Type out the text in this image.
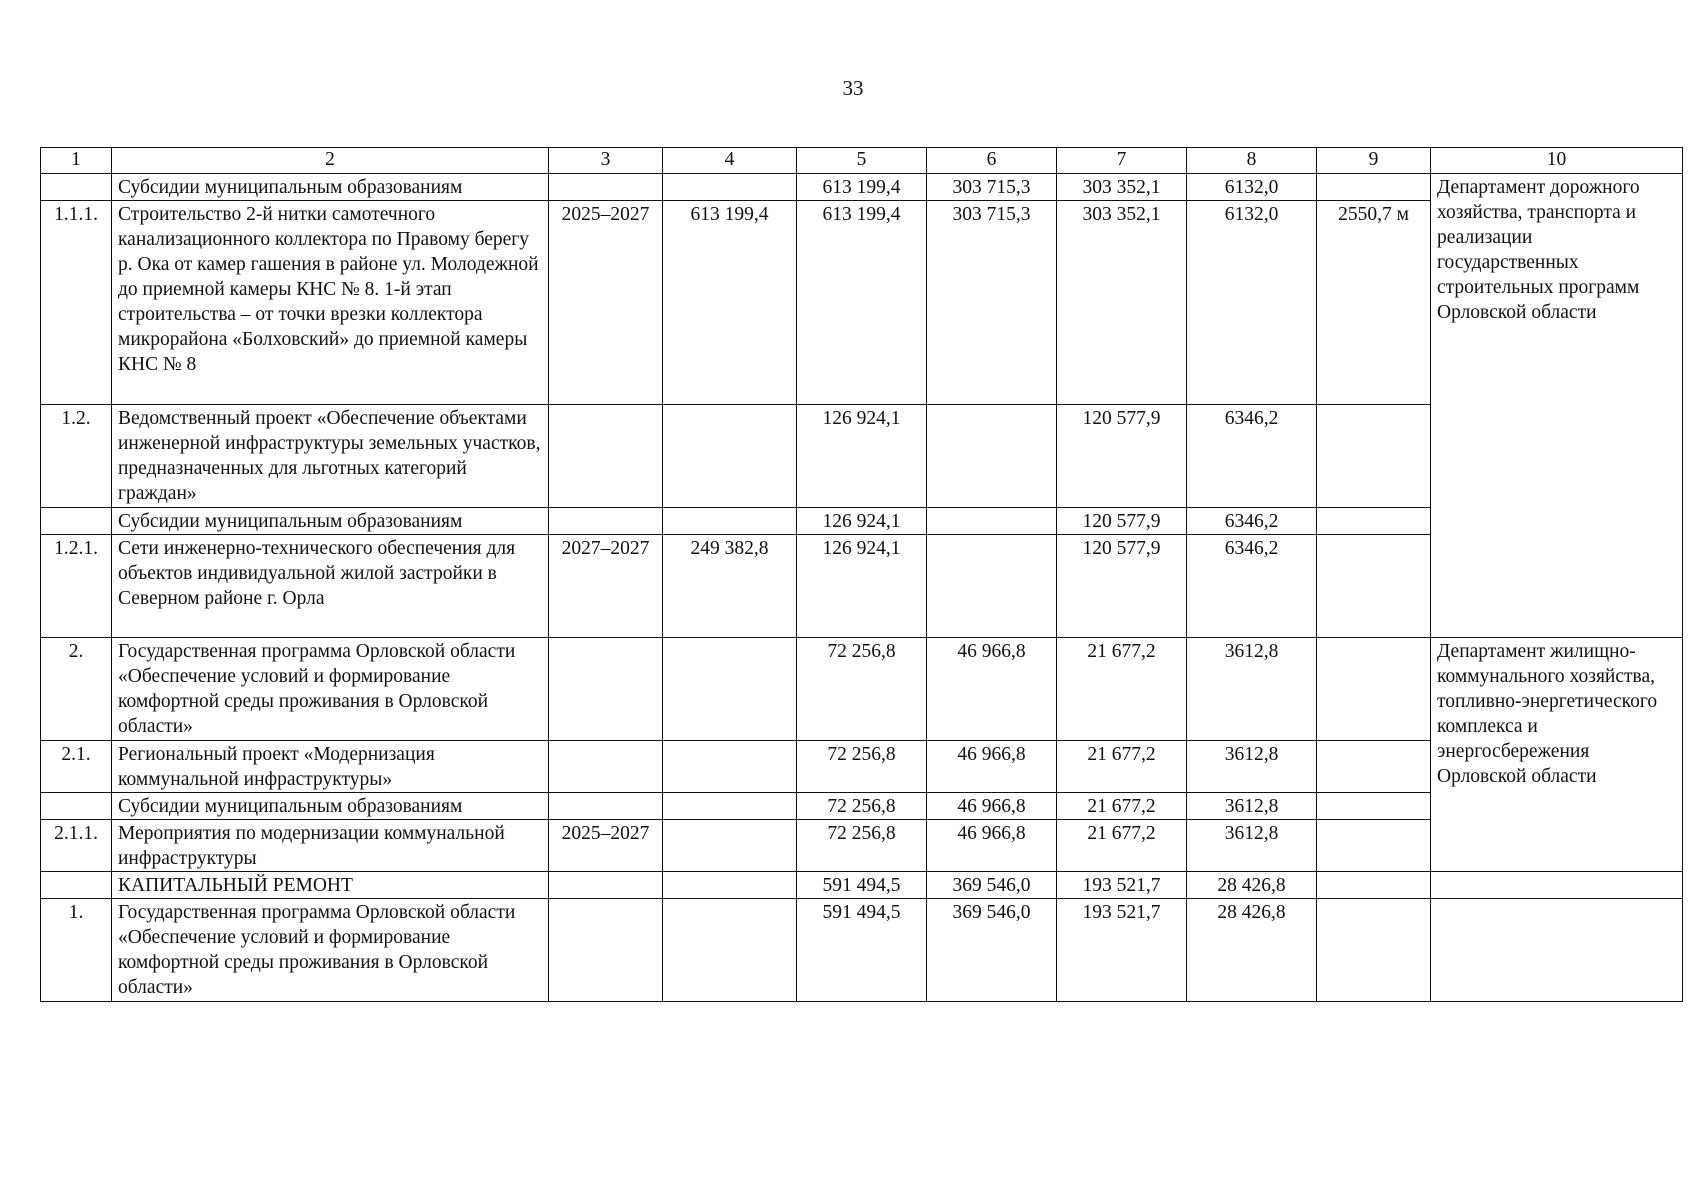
33
1	2	3	4	5	6	7	8	9	10
	Субсидии муниципальным образованиям			613 199,4	303 715,3	303 352,1	6132,0		Департамент дорожного хозяйства, транспорта и реализации государственных строительных программ Орловской области
1.1.1.	Строительство 2-й нитки самотечного канализационного коллектора по Правому берегу р. Ока от камер гашения в районе ул. Молодежной до приемной камеры КНС № 8. 1-й этап строительства – от точки врезки коллектора микрорайона «Болховский» до приемной камеры КНС № 8	2025–2027	613 199,4	613 199,4	303 715,3	303 352,1	6132,0	2550,7 м	
1.2.	Ведомственный проект «Обеспечение объектами инженерной инфраструктуры земельных участков, предназначенных для льготных категорий граждан»			126 924,1		120 577,9	6346,2		
	Субсидии муниципальным образованиям			126 924,1		120 577,9	6346,2		
1.2.1.	Сети инженерно-технического обеспечения для объектов индивидуальной жилой застройки в Северном районе г. Орла	2027–2027	249 382,8	126 924,1		120 577,9	6346,2		
2.	Государственная программа Орловской области «Обеспечение условий и формирование комфортной среды проживания в Орловской области»			72 256,8	46 966,8	21 677,2	3612,8		Департамент жилищно-коммунального хозяйства, топливно-энергетического комплекса и энергосбережения Орловской области
2.1.	Региональный проект «Модернизация коммунальной инфраструктуры»			72 256,8	46 966,8	21 677,2	3612,8		
	Субсидии муниципальным образованиям			72 256,8	46 966,8	21 677,2	3612,8		
2.1.1.	Мероприятия по модернизации коммунальной инфраструктуры	2025–2027		72 256,8	46 966,8	21 677,2	3612,8		
	КАПИТАЛЬНЫЙ РЕМОНТ			591 494,5	369 546,0	193 521,7	28 426,8		
1.	Государственная программа Орловской области «Обеспечение условий и формирование комфортной среды проживания в Орловской области»			591 494,5	369 546,0	193 521,7	28 426,8		
